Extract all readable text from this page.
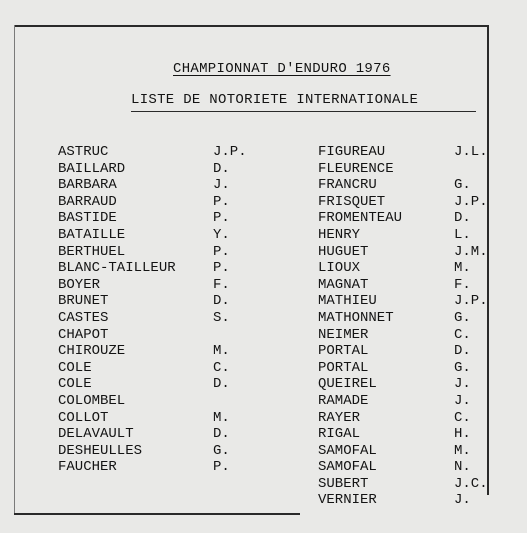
CHAMPIONNAT D'ENDURO 1976
LISTE DE NOTORIETE INTERNATIONALE
ASTRUC	J.P.
BAILLARD	D.
BARBARA	J.
BARRAUD	P.
BASTIDE	P.
BATAILLE	Y.
BERTHUEL	P.
BLANC-TAILLEUR	P.
BOYER	F.
BRUNET	D.
CASTES	S.
CHAPOT
CHIROUZE	M.
COLE	C.
COLE	D.
COLOMBEL
COLLOT	M.
DELAVAULT	D.
DESHEULLES	G.
FAUCHER	P.
FIGUREAU	J.L.
FLEURENCE
FRANCRU	G.
FRISQUET	J.P.
FROMENTEAU	D.
HENRY	L.
HUGUET	J.M.
LIOUX	M.
MAGNAT	F.
MATHIEU	J.P.
MATHONNET	G.
NEIMER	C.
PORTAL	D.
PORTAL	G.
QUEIREL	J.
RAMADE	J.
RAYER	C.
RIGAL	H.
SAMOFAL	M.
SAMOFAL	N.
SUBERT	J.C.
VERNIER	J.
